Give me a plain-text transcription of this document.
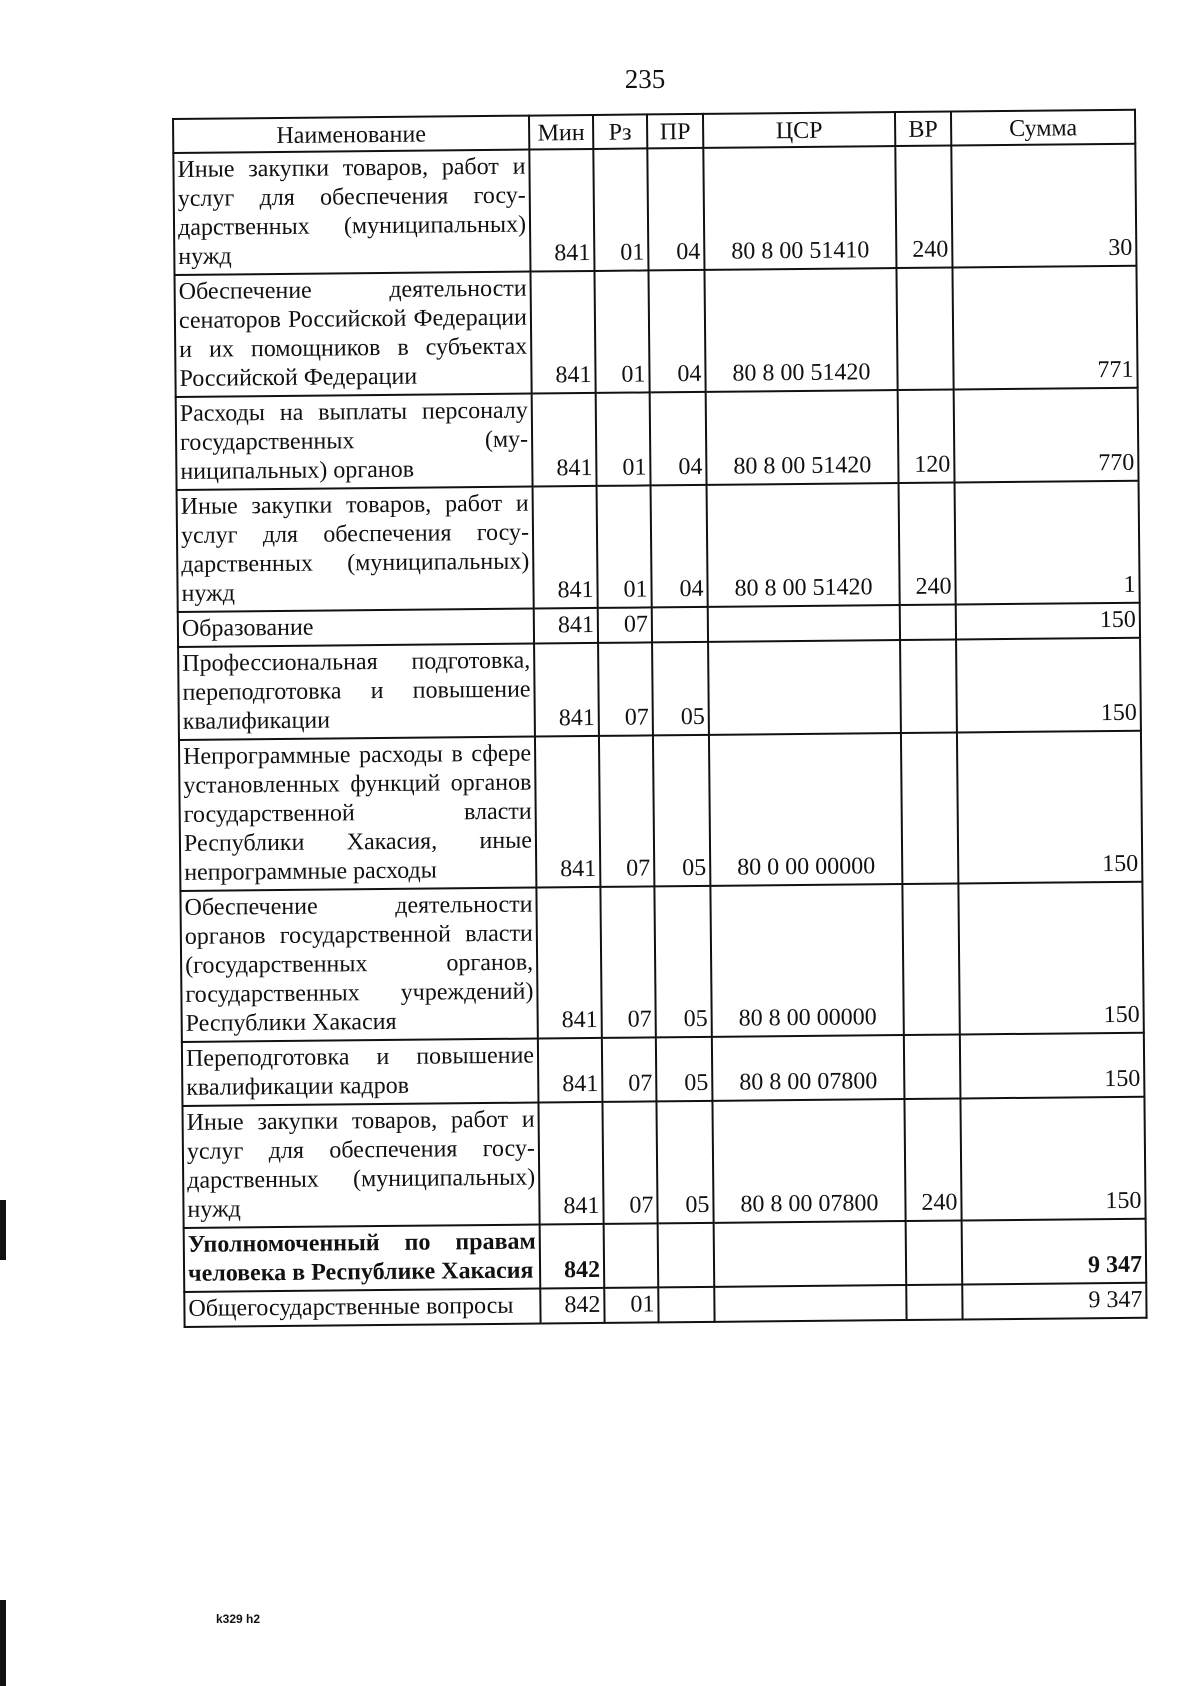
235
Наименование	Мин	Рз	ПР	ЦСР	ВР	Сумма
Иные закупки товаров, работ и услуг для обеспечения государственных (муниципальных) нужд	841	01	04	80 8 00 51410	240	30
Обеспечение деятельности сенаторов Российской Федерации и их помощников в субъектах Российской Федерации	841	01	04	80 8 00 51420		771
Расходы на выплаты персоналу государственных (муниципальных) органов	841	01	04	80 8 00 51420	120	770
Иные закупки товаров, работ и услуг для обеспечения государственных (муниципальных) нужд	841	01	04	80 8 00 51420	240	1
Образование	841	07				150
Профессиональная подготовка, переподготовка и повышение квалификации	841	07	05			150
Непрограммные расходы в сфере установленных функций органов государственной власти Республики Хакасия, иные непрограммные расходы	841	07	05	80 0 00 00000		150
Обеспечение деятельности органов государственной власти (государственных органов, государственных учреждений) Республики Хакасия	841	07	05	80 8 00 00000		150
Переподготовка и повышение квалификации кадров	841	07	05	80 8 00 07800		150
Иные закупки товаров, работ и услуг для обеспечения государственных (муниципальных) нужд	841	07	05	80 8 00 07800	240	150
Уполномоченный по правам человека в Республике Хакасия	842					9 347
Общегосударственные вопросы	842	01				9 347
k329 h2
